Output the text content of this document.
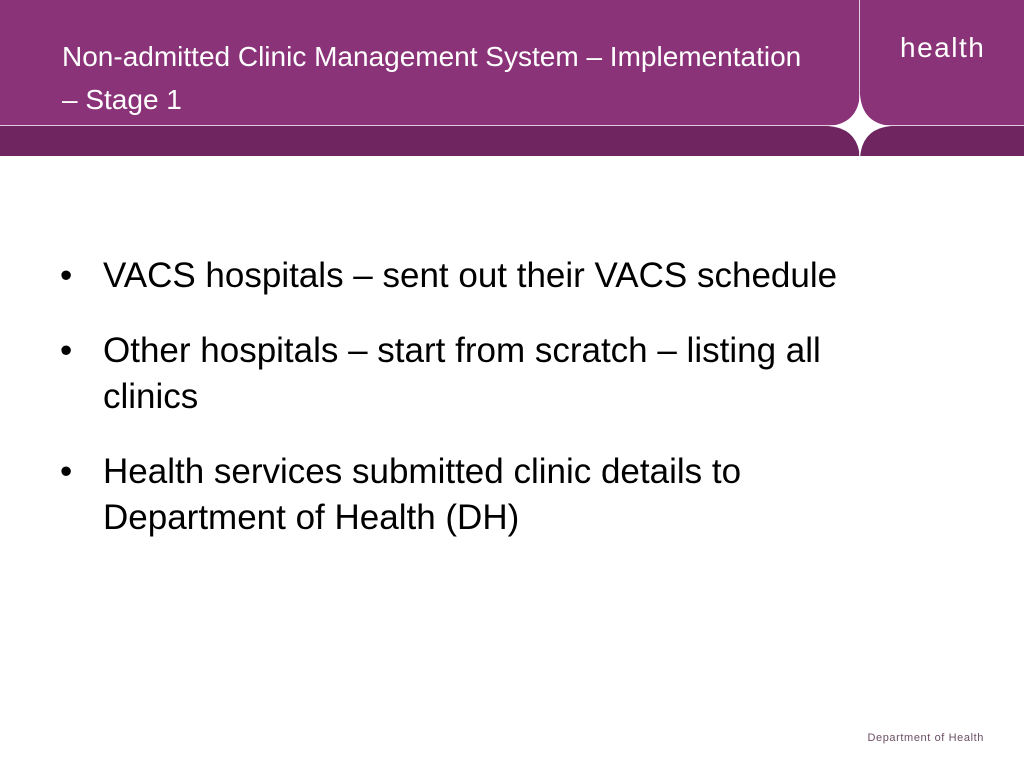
Non-admitted Clinic Management System – Implementation – Stage 1
health
• VACS hospitals – sent out their VACS schedule
• Other hospitals – start from scratch – listing all clinics
• Health services submitted clinic details to Department of Health (DH)
Department of Health
